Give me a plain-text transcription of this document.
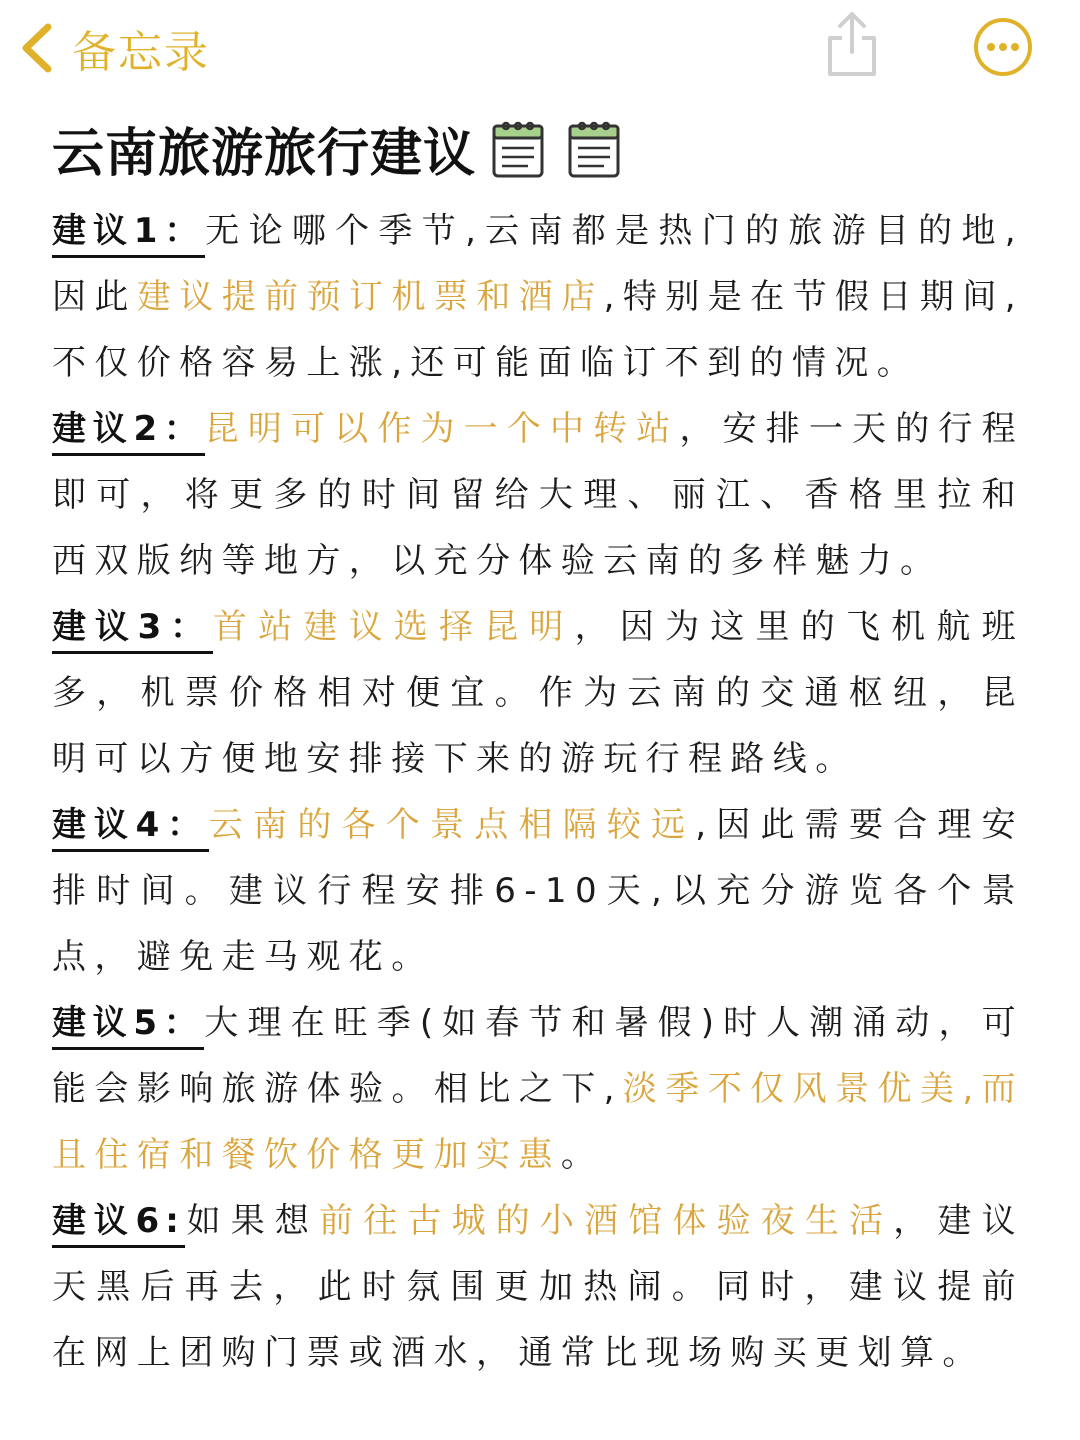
备忘录
云南旅游旅行建议

建议1：无论哪个季节,云南都是热门的旅游目的地,因此建议提前预订机票和酒店,特别是在节假日期间,不仅价格容易上涨,还可能面临订不到的情况。

建议2：昆明可以作为一个中转站，安排一天的行程即可，将更多的时间留给大理、丽江、香格里拉和西双版纳等地方，以充分体验云南的多样魅力。

建议3：首站建议选择昆明，因为这里的飞机航班多，机票价格相对便宜。作为云南的交通枢纽，昆明可以方便地安排接下来的游玩行程路线。

建议4：云南的各个景点相隔较远,因此需要合理安排时间。建议行程安排6-10天,以充分游览各个景点，避免走马观花。

建议5：大理在旺季(如春节和暑假)时人潮涌动，可能会影响旅游体验。相比之下,淡季不仅风景优美,而且住宿和餐饮价格更加实惠。

建议6:如果想前往古城的小酒馆体验夜生活，建议天黑后再去，此时氛围更加热闹。同时，建议提前在网上团购门票或酒水，通常比现场购买更划算。
